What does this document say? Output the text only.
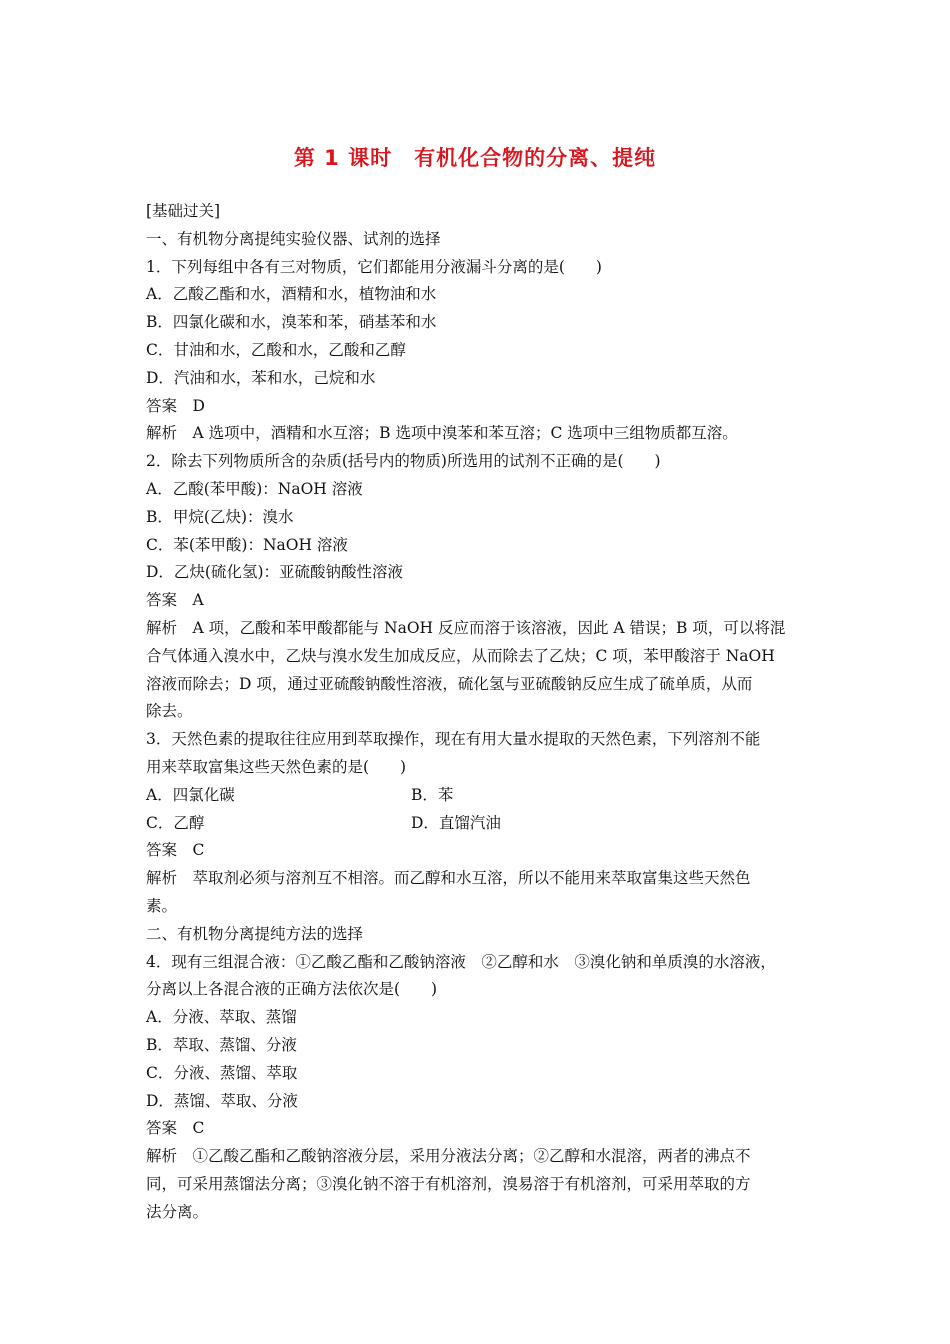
第 1 课时　有机化合物的分离、提纯
[基础过关]
一、有机物分离提纯实验仪器、试剂的选择
1．下列每组中各有三对物质，它们都能用分液漏斗分离的是(　　)
A．乙酸乙酯和水，酒精和水，植物油和水
B．四氯化碳和水，溴苯和苯，硝基苯和水
C．甘油和水，乙酸和水，乙酸和乙醇
D．汽油和水，苯和水，己烷和水
答案　D
解析　A 选项中，酒精和水互溶；B 选项中溴苯和苯互溶；C 选项中三组物质都互溶。
2．除去下列物质所含的杂质(括号内的物质)所选用的试剂不正确的是(　　)
A．乙酸(苯甲酸)：NaOH 溶液
B．甲烷(乙炔)：溴水
C．苯(苯甲酸)：NaOH 溶液
D．乙炔(硫化氢)：亚硫酸钠酸性溶液
答案　A
解析　A 项，乙酸和苯甲酸都能与 NaOH 反应而溶于该溶液，因此 A 错误；B 项，可以将混
合气体通入溴水中，乙炔与溴水发生加成反应，从而除去了乙炔；C 项，苯甲酸溶于 NaOH
溶液而除去；D 项，通过亚硫酸钠酸性溶液，硫化氢与亚硫酸钠反应生成了硫单质，从而
除去。
3．天然色素的提取往往应用到萃取操作，现在有用大量水提取的天然色素，下列溶剂不能
用来萃取富集这些天然色素的是(　　)
A．四氯化碳	B．苯
C．乙醇	D．直馏汽油
答案　C
解析　萃取剂必须与溶剂互不相溶。而乙醇和水互溶，所以不能用来萃取富集这些天然色
素。
二、有机物分离提纯方法的选择
4．现有三组混合液：①乙酸乙酯和乙酸钠溶液　②乙醇和水　③溴化钠和单质溴的水溶液，
分离以上各混合液的正确方法依次是(　　)
A．分液、萃取、蒸馏
B．萃取、蒸馏、分液
C．分液、蒸馏、萃取
D．蒸馏、萃取、分液
答案　C
解析　①乙酸乙酯和乙酸钠溶液分层，采用分液法分离；②乙醇和水混溶，两者的沸点不
同，可采用蒸馏法分离；③溴化钠不溶于有机溶剂，溴易溶于有机溶剂，可采用萃取的方
法分离。
